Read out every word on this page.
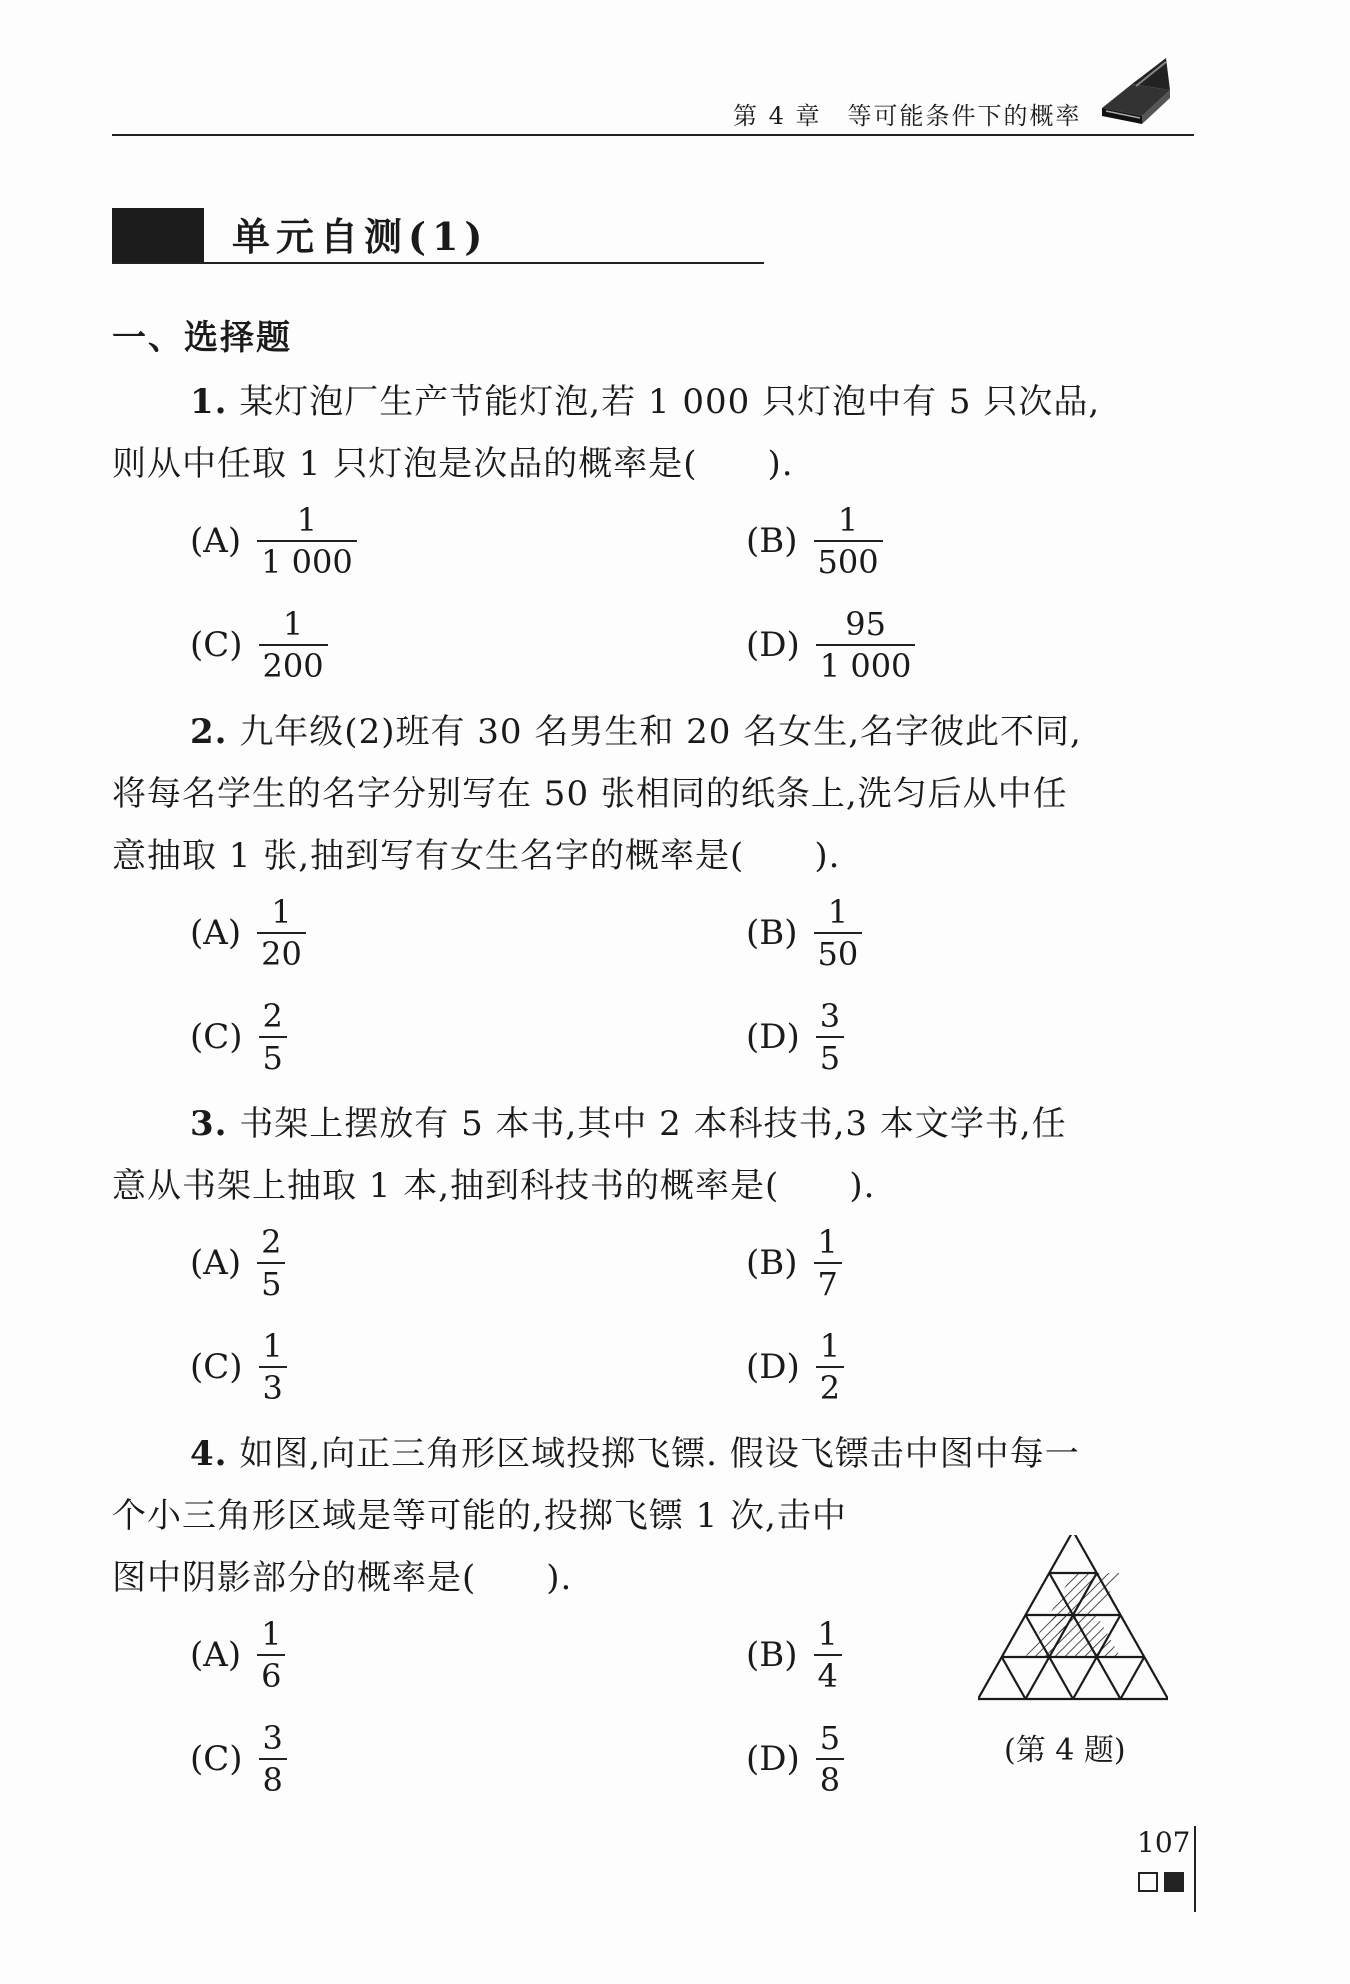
第 4 章　等可能条件下的概率
单元自测(1)
一、选择题
1. 某灯泡厂生产节能灯泡,若 1 000 只灯泡中有 5 只次品,
则从中任取 1 只灯泡是次品的概率是(　　).
$(A) \frac{1}{1 000}$	$(B) \frac{1}{500}$
$(C) \frac{1}{200}$	$(D) \frac{95}{1 000}$
2. 九年级(2)班有 30 名男生和 20 名女生,名字彼此不同,
将每名学生的名字分别写在 50 张相同的纸条上,洗匀后从中任
意抽取 1 张,抽到写有女生名字的概率是(　　).
$(A) \frac{1}{20}$	$(B) \frac{1}{50}$
$(C) \frac{2}{5}$	$(D) \frac{3}{5}$
3. 书架上摆放有 5 本书,其中 2 本科技书,3 本文学书,任
意从书架上抽取 1 本,抽到科技书的概率是(　　).
$(A) \frac{2}{5}$	$(B) \frac{1}{7}$
$(C) \frac{1}{3}$	$(D) \frac{1}{2}$
4. 如图,向正三角形区域投掷飞镖. 假设飞镖击中图中每一
个小三角形区域是等可能的,投掷飞镖 1 次,击中
图中阴影部分的概率是(　　).
$(A) \frac{1}{6}$	$(B) \frac{1}{4}$
$(C) \frac{3}{8}$	$(D) \frac{5}{8}$	(第 4 题)
107
